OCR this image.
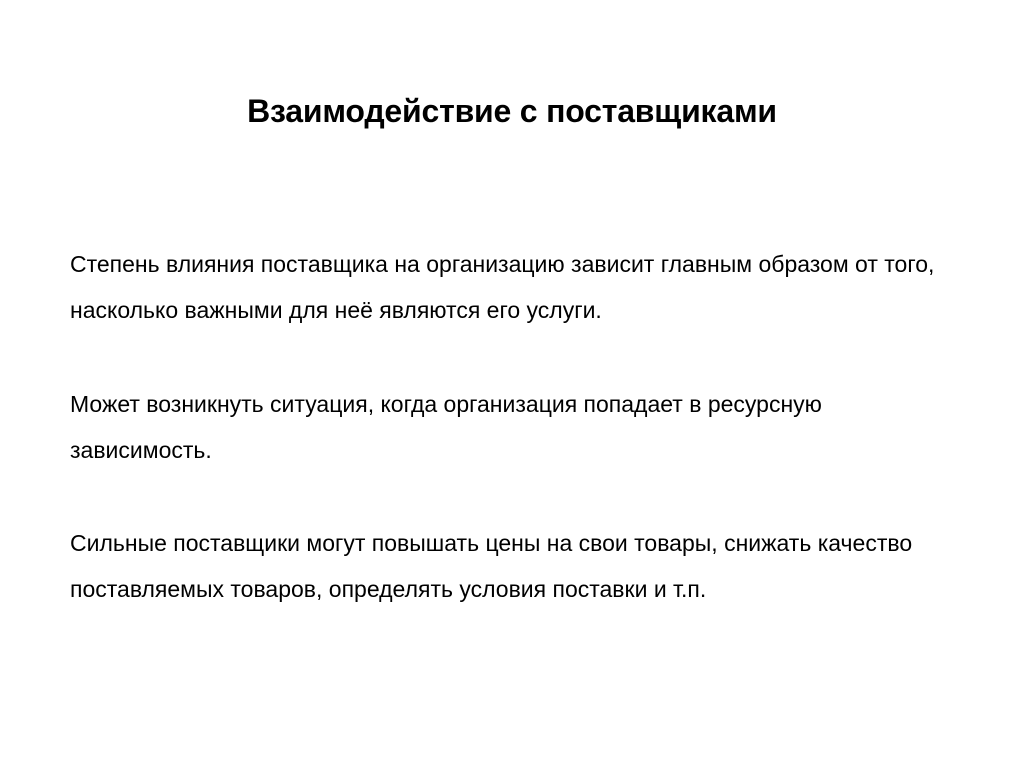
Взаимодействие с поставщиками

Степень влияния поставщика на организацию зависит главным образом от того, насколько важными для неё являются его услуги.

Может возникнуть ситуация, когда организация попадает в ресурсную зависимость.

Сильные поставщики могут повышать цены на свои товары, снижать качество поставляемых товаров, определять условия поставки и т.п.
